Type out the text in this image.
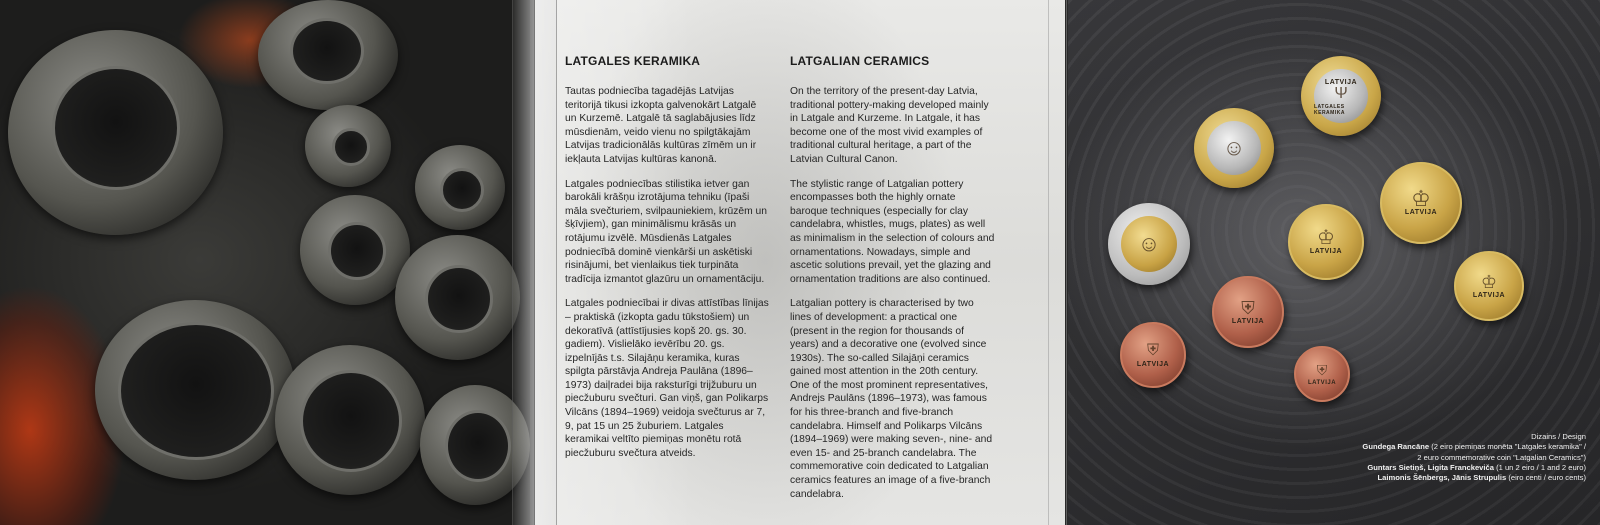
LATGALES KERAMIKA

Tautas podniecība tagadējās Latvijas teritorijā tikusi izkopta galvenokārt Latgalē un Kurzemē. Latgalē tā saglabājusies līdz mūsdienām, veido vienu no spilgtākajām Latvijas tradicionālās kultūras zīmēm un ir iekļauta Latvijas kultūras kanonā.

Latgales podniecības stilistika ietver gan barokāli krāšņu izrotājuma tehniku (īpaši māla svečturiem, svilpauniekiem, krūzēm un šķīvjiem), gan minimālismu krāsās un rotājumu izvēlē. Mūsdienās Latgales podniecībā dominē vienkārši un askētiski risinājumi, bet vienlaikus tiek turpināta tradīcija izmantot glazūru un ornamentāciju.

Latgales podniecībai ir divas attīstības līnijas – praktiskā (izkopta gadu tūkstošiem) un dekoratīvā (attīstījusies kopš 20. gs. 30. gadiem). Vislielāko ievērību 20. gs. izpelnījās t.s. Silajāņu keramika, kuras spilgta pārstāvja Andreja Paulāna (1896–1973) daiļradei bija raksturīgi trijžuburu un piecžuburu svečturi. Gan viņš, gan Polikarps Vilcāns (1894–1969) veidoja svečturus ar 7, 9, pat 15 un 25 žuburiem. Latgales keramikai veltīto piemiņas monētu rotā piecžuburu svečtura atveids.

LATGALIAN CERAMICS

On the territory of the present-day Latvia, traditional pottery-making developed mainly in Latgale and Kurzeme. In Latgale, it has become one of the most vivid examples of traditional cultural heritage, a part of the Latvian Cultural Canon.

The stylistic range of Latgalian pottery encompasses both the highly ornate baroque techniques (especially for clay candelabra, whistles, mugs, plates) as well as minimalism in the selection of colours and ornamentations. Nowadays, simple and ascetic solutions prevail, yet the glazing and ornamentation traditions are also continued.

Latgalian pottery is characterised by two lines of development: a practical one (present in the region for thousands of years) and a decorative one (evolved since 1930s). The so-called Silajāņi ceramics gained most attention in the 20th century. One of the most prominent representatives, Andrejs Paulāns (1896–1973), was famous for his three-branch and five-branch candelabra. Himself and Polikarps Vilcāns (1894–1969) were making seven-, nine- and even 15- and 25-branch candelabra. The commemorative coin dedicated to Latgalian ceramics features an image of a five-branch candelabra.

LATVIJA
Ψ
LATGALES KERAMIKA
☺
☺
♔
LATVIJA
♔
LATVIJA
♔
LATVIJA
⛨
LATVIJA
⛨
LATVIJA	⛨
LATVIJA
Dizains / Design
Gundega Rancāne (2 eiro piemiņas monēta "Latgales keramika" /
2 euro commemorative coin "Latgalian Ceramics")
Guntars Sietiņš, Ligita Franckeviča (1 un 2 eiro / 1 and 2 euro)
Laimonis Šēnbergs, Jānis Strupulis (eiro centi / euro cents)
